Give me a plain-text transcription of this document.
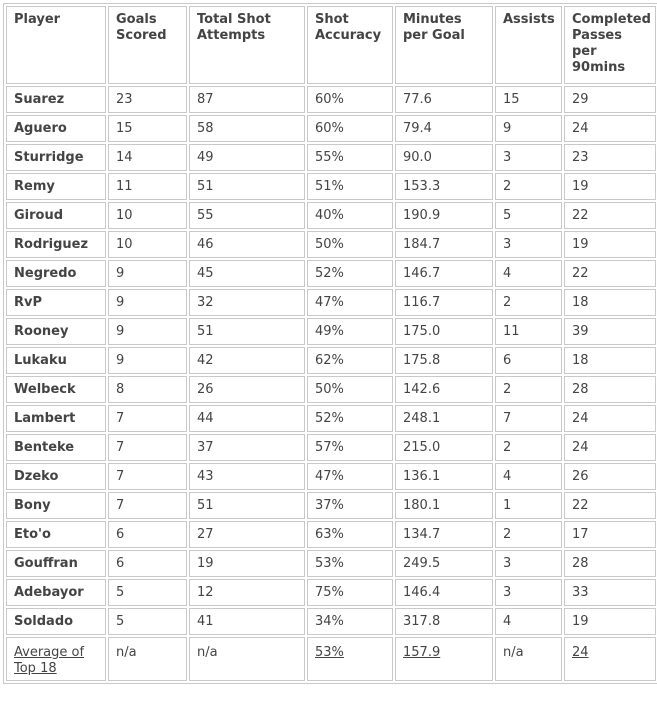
Player	Goals Scored	Total Shot Attempts	Shot Accuracy	Minutes per Goal	Assists	Completed Passes per 90mins
Suarez	23	87	60%	77.6	15	29
Aguero	15	58	60%	79.4	9	24
Sturridge	14	49	55%	90.0	3	23
Remy	11	51	51%	153.3	2	19
Giroud	10	55	40%	190.9	5	22
Rodriguez	10	46	50%	184.7	3	19
Negredo	9	45	52%	146.7	4	22
RvP	9	32	47%	116.7	2	18
Rooney	9	51	49%	175.0	11	39
Lukaku	9	42	62%	175.8	6	18
Welbeck	8	26	50%	142.6	2	28
Lambert	7	44	52%	248.1	7	24
Benteke	7	37	57%	215.0	2	24
Dzeko	7	43	47%	136.1	4	26
Bony	7	51	37%	180.1	1	22
Eto'o	6	27	63%	134.7	2	17
Gouffran	6	19	53%	249.5	3	28
Adebayor	5	12	75%	146.4	3	33
Soldado	5	41	34%	317.8	4	19
Average of Top 18	n/a	n/a	53%	157.9	n/a	24
